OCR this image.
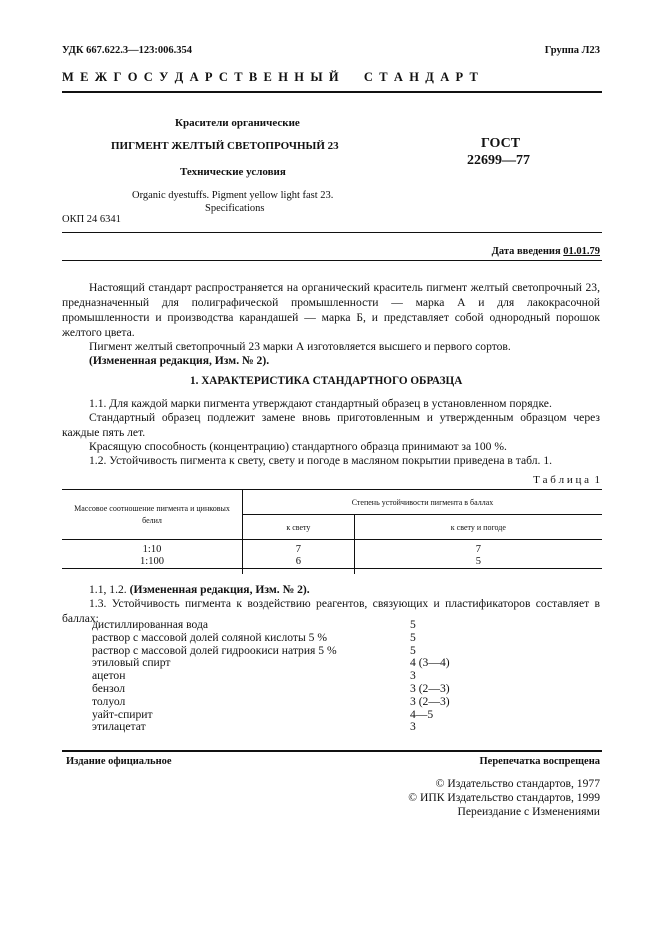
УДК 667.622.3—123:006.354	Группа Л23
М Е Ж Г О С У Д А Р С Т В Е Н Н Ы Й     С Т А Н Д А Р Т
Красители органические
ПИГМЕНТ ЖЕЛТЫЙ СВЕТОПРОЧНЫЙ 23
Технические условия
Organic dyestuffs. Pigment yellow light fast 23.
Specifications
ОКП 24 6341
ГОСТ
22699—77
Дата введения 01.01.79

Настоящий стандарт распространяется на органический краситель пигмент желтый светопрочный 23, предназначенный для полиграфической промышленности — марка А и для лакокрасочной промышленности и производства карандашей — марка Б, и представляет собой однородный порошок желтого цвета.

Пигмент желтый светопрочный 23 марки А изготовляется высшего и первого сортов.

(Измененная редакция, Изм. № 2).

1. ХАРАКТЕРИСТИКА СТАНДАРТНОГО ОБРАЗЦА

1.1. Для каждой марки пигмента утверждают стандартный образец в установленном порядке.

Стандартный образец подлежит замене вновь приготовленным и утвержденным образцом через каждые пять лет.

Красящую способность (концентрацию) стандартного образца принимают за 100 %.

1.2. Устойчивость пигмента к свету, свету и погоде в масляном покрытии приведена в табл. 1.

Т а б л и ц а  1
Массовое соотношение пигмента и цинковых белил	Степень устойчивости пигмента в баллах	
	к свету	к свету и погоде
1:10	7	7
1:100	6	5

1.1, 1.2. (Измененная редакция, Изм. № 2).

1.3. Устойчивость пигмента к воздействию реагентов, связующих и пластификаторов составляет в баллах:

дистиллированная вода	5
раствор с массовой долей соляной кислоты 5 %	5
раствор с массовой долей гидроокиси натрия 5 %	5
этиловый спирт	4 (3—4)
ацетон	3
бензол	3 (2—3)
толуол	3 (2—3)
уайт-спирит	4—5
этилацетат	3
Издание официальное	Перепечатка воспрещена
© Издательство стандартов, 1977
© ИПК Издательство стандартов, 1999
Переиздание с Изменениями
